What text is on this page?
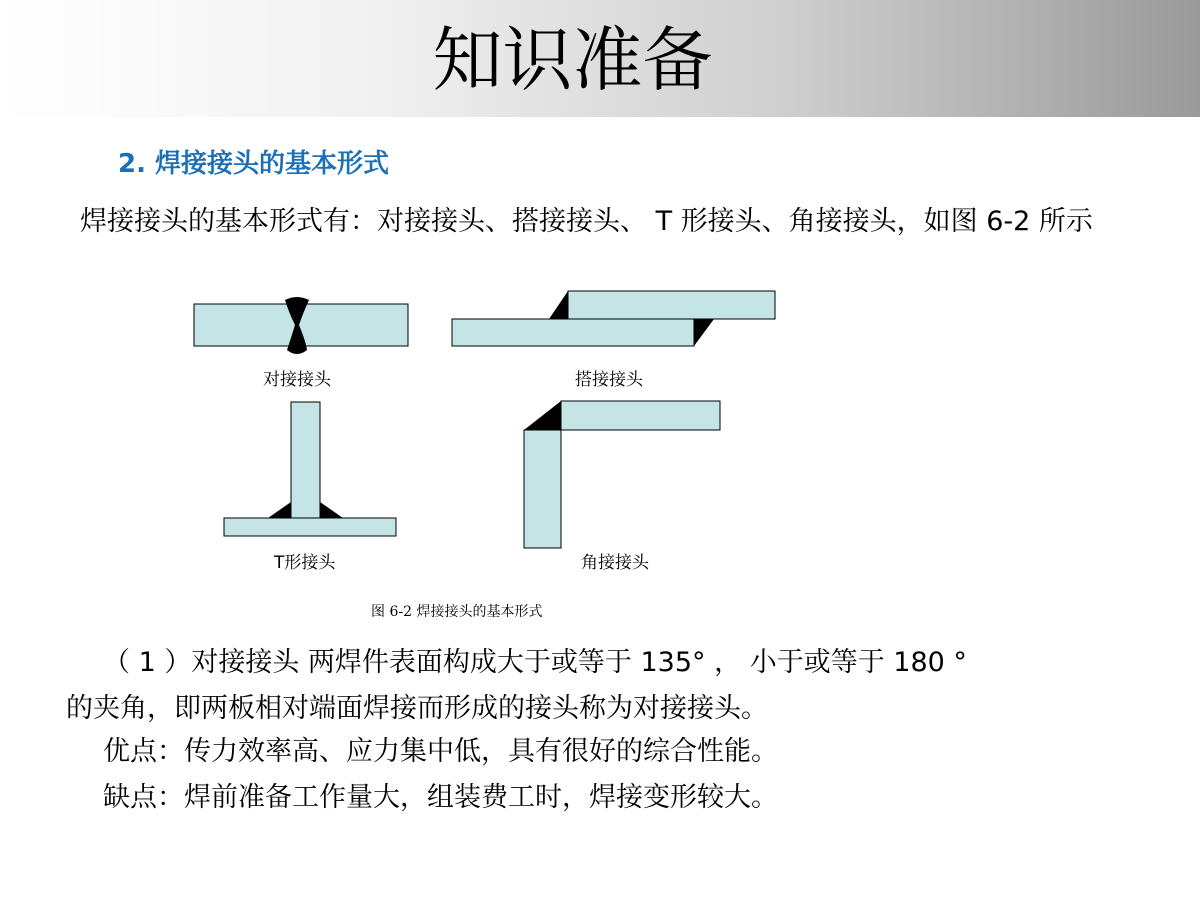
知识准备
2. 焊接接头的基本形式
焊接接头的基本形式有：对接接头、搭接接头、 T 形接头、角接接头，如图 6-2 所示
对接接头	搭接接头
T形接头	角接接头
图 6-2 焊接接头的基本形式
（ 1 ）对接接头 两焊件表面构成大于或等于 135° ， 小于或等于 180 °
的夹角，即两板相对端面焊接而形成的接头称为对接接头。
优点：传力效率高、应力集中低，具有很好的综合性能。
缺点：焊前准备工作量大，组装费工时，焊接变形较大。
